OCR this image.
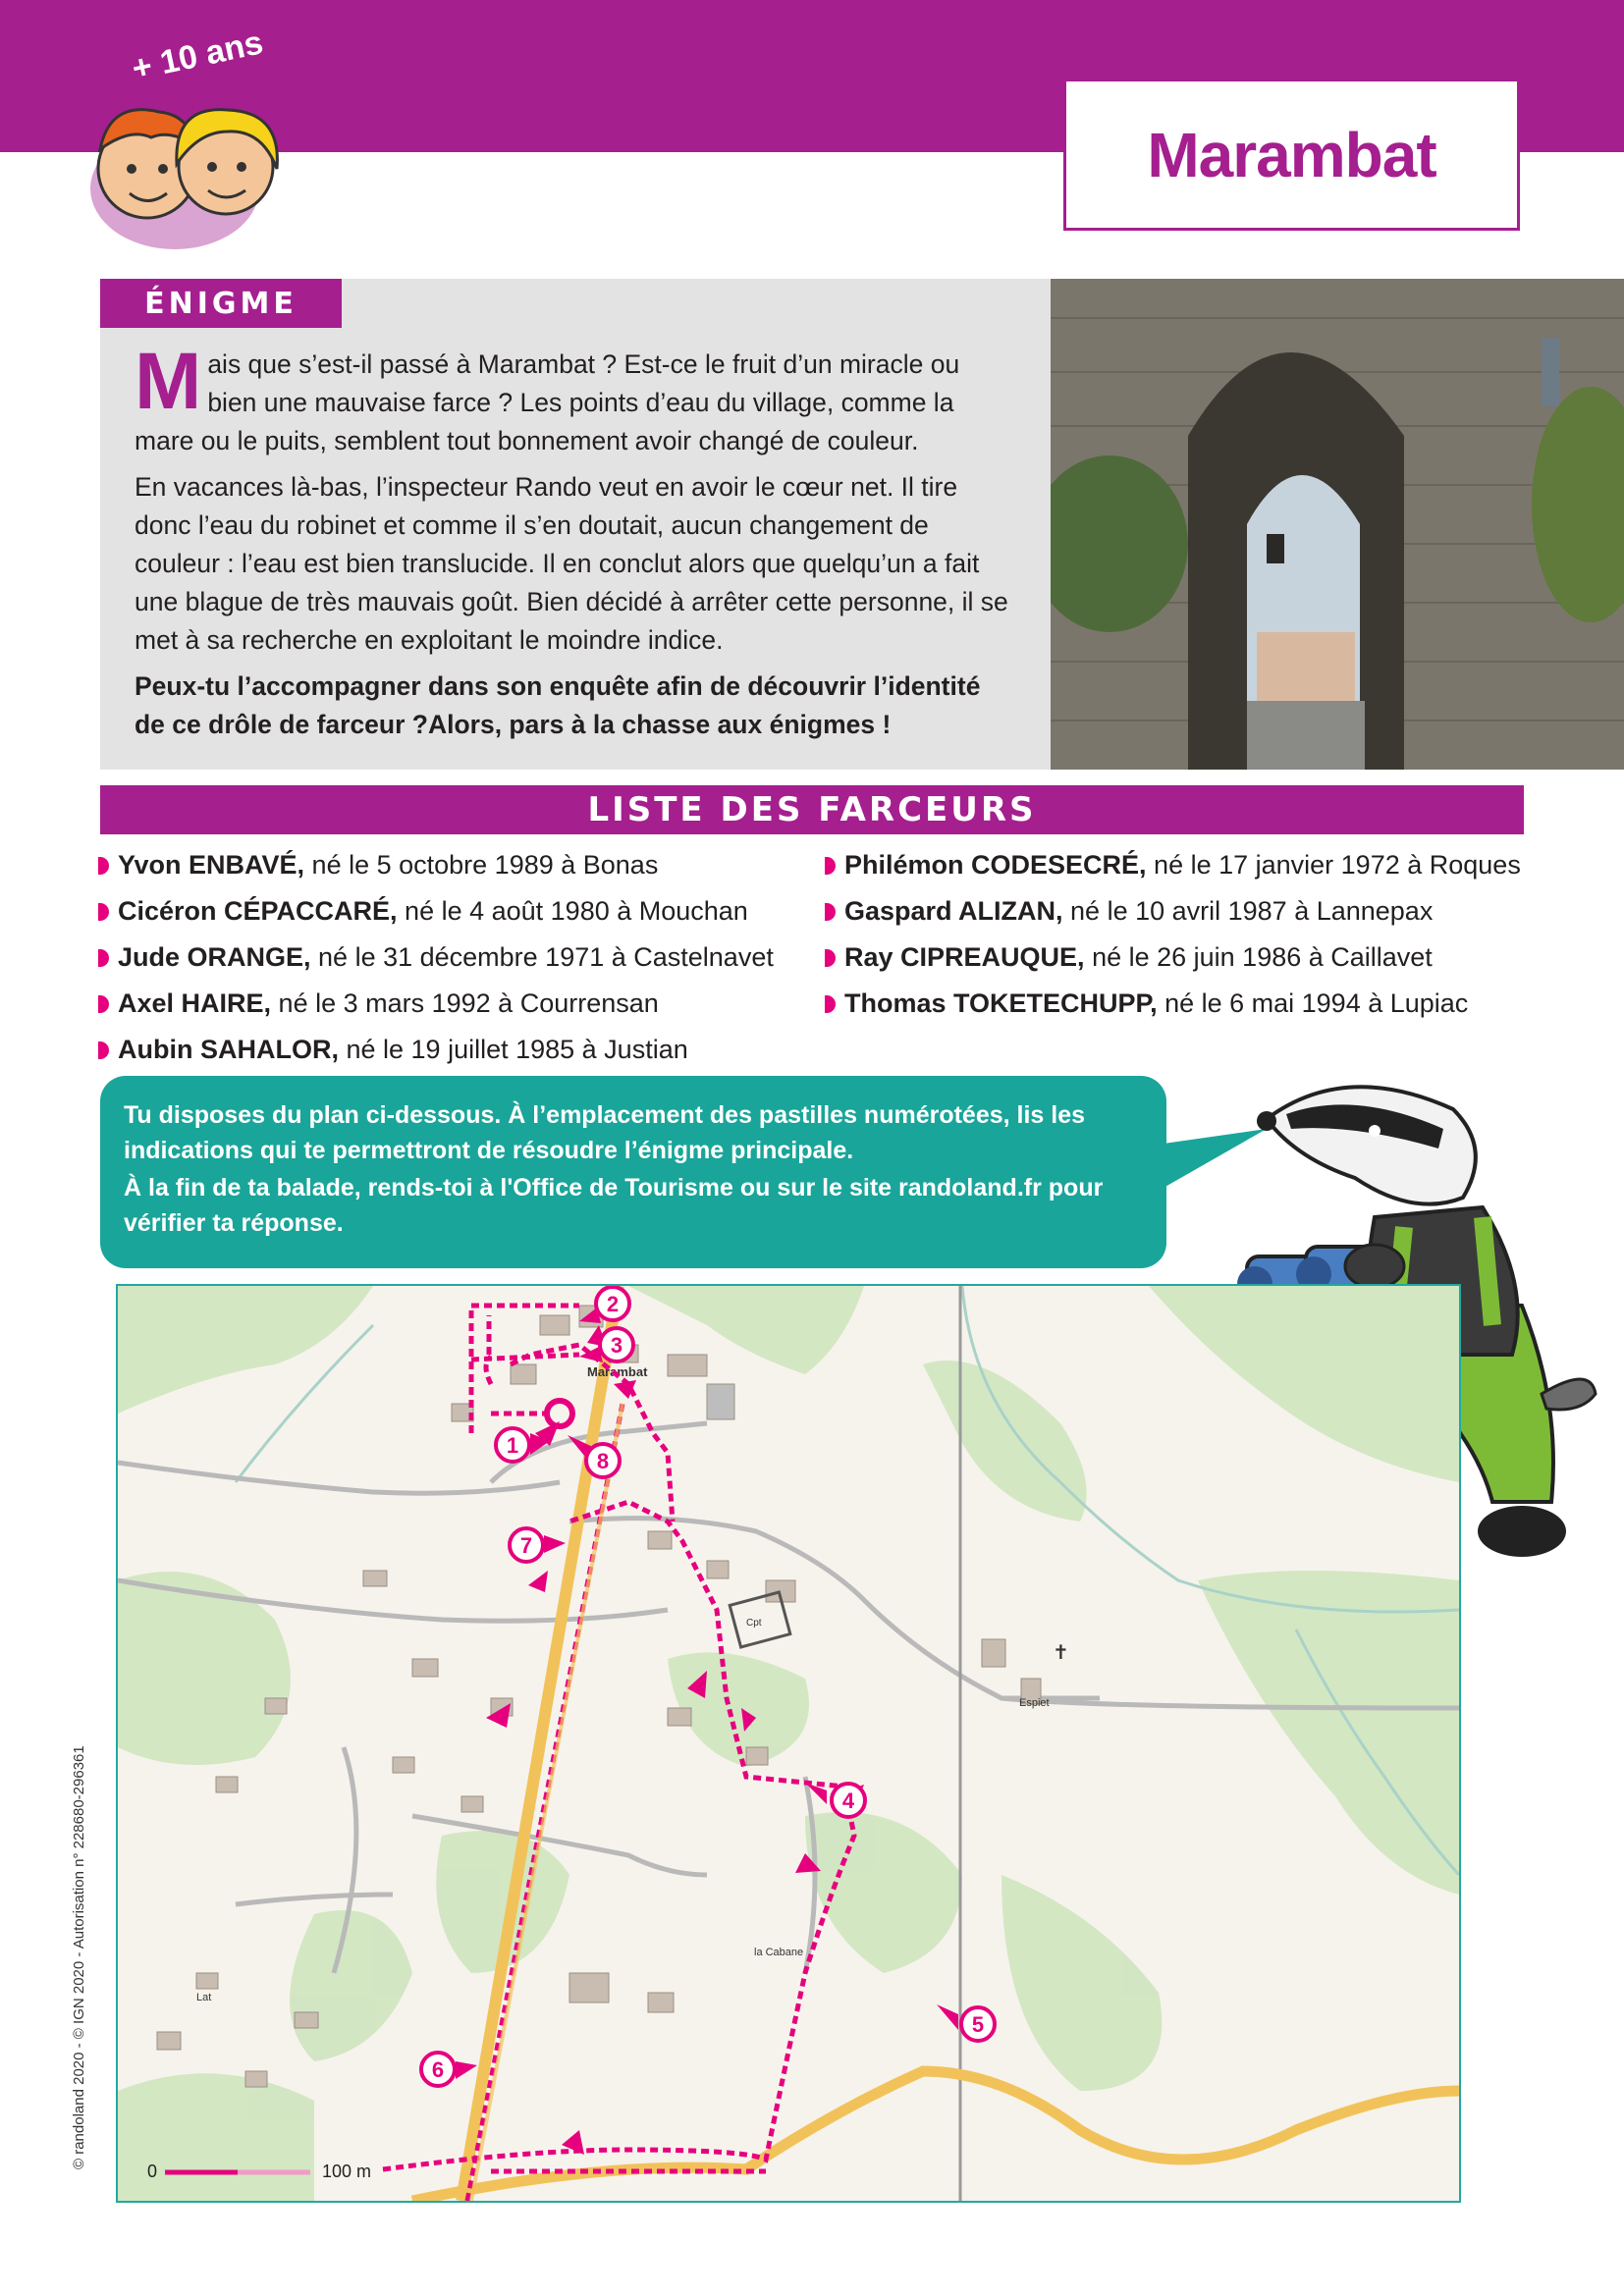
+ 10 ans
Marambat
ÉNIGME

Mais que s’est-il passé à Marambat ? Est-ce le fruit d’un miracle ou bien une mauvaise farce ? Les points d’eau du village, comme la mare ou le puits, semblent tout bonnement avoir changé de couleur.

En vacances là-bas, l’inspecteur Rando veut en avoir le cœur net. Il tire donc l’eau du robinet et comme il s’en doutait, aucun changement de couleur : l’eau est bien translucide. Il en conclut alors que quelqu’un a fait une blague de très mauvais goût. Bien décidé à arrêter cette personne, il se met à sa recherche en exploitant le moindre indice.

Peux-tu l’accompagner dans son enquête afin de découvrir l’identité de ce drôle de farceur ?Alors, pars à la chasse aux énigmes !

LISTE DES FARCEURS
Yvon ENBAVÉ, né le 5 octobre 1989 à Bonas
Cicéron CÉPACCARÉ, né le 4 août 1980 à Mouchan
Jude ORANGE, né le 31 décembre 1971 à Castelnavet
Axel HAIRE, né le 3 mars 1992 à Courrensan
Aubin SAHALOR, né le 19 juillet 1985 à Justian
Philémon CODESECRÉ, né le 17 janvier 1972 à Roques
Gaspard ALIZAN, né le 10 avril 1987 à Lannepax
Ray CIPREAUQUE, né le 26 juin 1986 à Caillavet
Thomas TOKETECHUPP, né le 6 mai 1994 à Lupiac

Tu disposes du plan ci-dessous. À l’emplacement des pastilles numérotées, lis les indications qui te permettront de résoudre l’énigme principale.

À la fin de ta balade, rends-toi à l'Office de Tourisme ou sur le site randoland.fr pour vérifier ta réponse.

Marambat
Espiet
la Cabane
Lat
Cpt
✝
1
2
3
4
5
6
7
8
0	100 m
© randoland 2020 - © IGN 2020 - Autorisation n° 228680-296361
